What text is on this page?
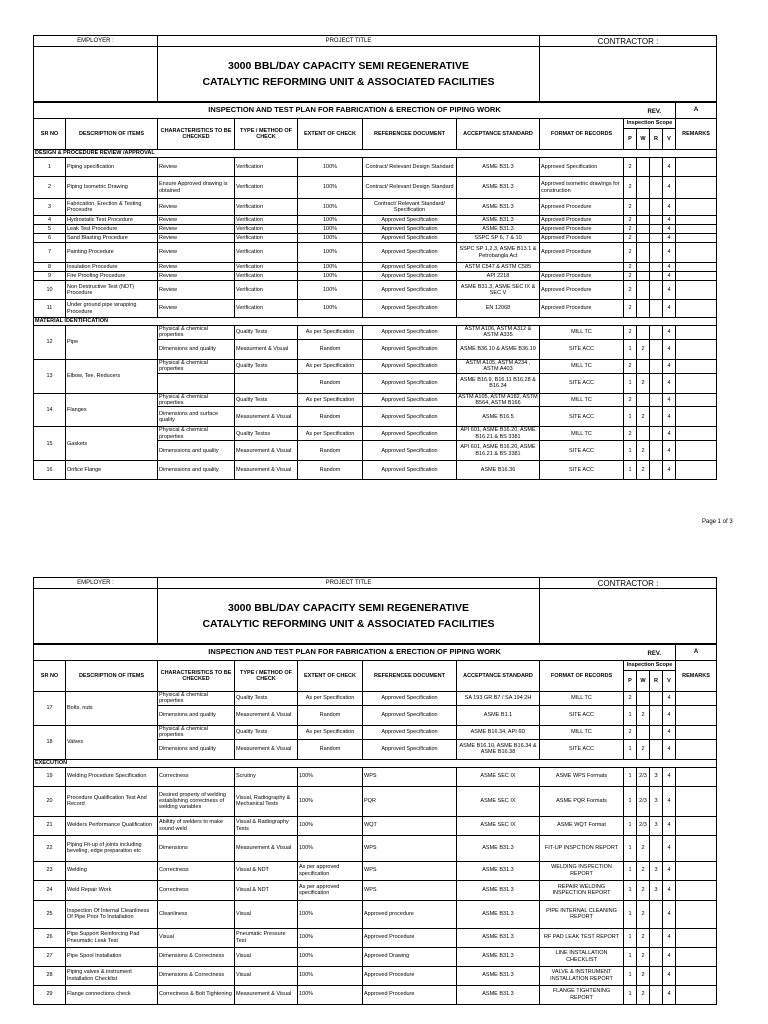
EMPLOYER :	PROJECT TITLE	CONTRACTOR :

	3000 BBL/DAY CAPACITY SEMI REGENERATIVE
CATALYTIC REFORMING UNIT & ASSOCIATED FACILITIES	

INSPECTION AND TEST PLAN FOR FABRICATION & ERECTION OF PIPING WORK REV.												A
SR NO	DESCRIPTION OF ITEMS	CHARACTERISTICS TO BE CHECKED	TYPE / METHOD OF CHECK	EXTENT OF CHECK	REFERENCEE DOCUMENT	ACCEPTANCE STANDARD	FORMAT OF RECORDS	Inspection Scope				REMARKS
								P	W	R	V	
DESIGN & PROCEDURE REVIEW /APPROVAL												
1	Piping specification	Review	Verification	100%	Contract/ Relevant Design Standard	ASME B31.3	Approved Specification	2			4	
2	Piping Isometric Drawing	Ensure Approved drawing is obtained	Verification	100%	Contract/ Relevant Design Standard	ASME B31.3	Approved isometric drawings for construction	2			4	
3	Fabrication, Erection & Testing Proceudre	Review	Verification	100%	Contract/ Relevant Standard/ Specification	ASME B31.3	Approved Procedure	2			4	
4	Hydrostatic Test Procedure	Review	Verification	100%	Approved Specification	ASME B31.3	Approved Procedure	2			4	
5	Leak Test Procedure	Review	Verification	100%	Approved Specification	ASME B31.3	Approved Procedure	2			4	
6	Sand Blasting Procedure	Review	Verification	100%	Approved Specification	SSPC SP 6, 7 & 10	Approved Procedure	2			4	
7	Painting Procedure	Review	Verification	100%	Approved Specification	SSPC SP 1,2,3, ASME B13.1 & Petrobangla Act	Approved Procedure	2			4	
8	Insulation Procedure	Review	Verification	100%	Approved Specification	ASTM C547 & ASTM C585		2			4	
9	Fire Proofing Procedure	Review	Verification	100%	Approved Specification	API 2218	Approved Procedure	2			4	
10	Non Destructive Test (NDT) Procedure	Review	Verification	100%	Approved Specification	ASME B31.3, ASME SEC IX & SEC V	Approved Procedure	2			4	
11	Under ground pipe wrapping Procedure	Review	Verification	100%	Approved Specification	EN 12068	Approved Procedure	2			4	
MATERIAL IDENTIFICATION												
12	Pipe	Physical & chemical properties	Quality Tests	As per Specification	Approved Specification	ASTM A106, ASTM A312 & ASTM A335	MILL TC	2			4	
		Dimensions and quality	Measurment & Visual	Random	Approved Specification	ASME B36.10 & ASME B36.19	SITE ACC	1	2		4	
13	Elbow, Tee, Reducers	Physical & chemical properties	Quality Tests	As per Specification	Approved Specification	ASTM A105, ASTM A234 , ASTM A403	MILL TC	2			4	
				Random	Approved Specification	ASME B16.9, B16.11 B16.28 & B16.34	SITE ACC	1	2		4	
14	Flanges	Physical & chemical properties	Quality Tests	As per Specification	Approved Specification	ASTM A105, ASTM A182, ASTM B564, ASTM B166	MILL TC	2			4	
		Dimensions and surface quality	Measurement & Visual	Random	Approved Specification	ASME B16.5	SITE ACC	1	2		4	
15	Gaskets	Physical & chemical properties	Quality Testss	As per Specification	Approved Specification	API 601, ASME B16.20, ASME B16.21 & BS 3381	MILL TC	2			4	
		Dimenssions and quality	Measurement & Visual	Random	Approved Specification	API 601, ASME B16.20, ASME B16.21 & BS 3381	SITE ACC	1	2		4	
16	Orifice Flange	Dimenssions and quality	Measurement & Visual	Random	Approved Specification	ASME B16.36	SITE ACC	1	2		4	
Page 1 of 3
EMPLOYER :	PROJECT TITLE	CONTRACTOR :

	3000 BBL/DAY CAPACITY SEMI REGENERATIVE
CATALYTIC REFORMING UNIT & ASSOCIATED FACILITIES	

INSPECTION AND TEST PLAN FOR FABRICATION & ERECTION OF PIPING WORK REV.												A
SR NO	DESCRIPTION OF ITEMS	CHARACTERISTICS TO BE CHECKED	TYPE / METHOD OF CHECK	EXTENT OF CHECK	REFERENCEE DOCUMENT	ACCEPTANCE STANDARD	FORMAT OF RECORDS	Inspection Scope				REMARKS
								P	W	R	V	
17	Bolts, nuts	Physical & chemical properties	Quality Tests	As per Specification	Approved Specification	SA 193 GR B7 / SA 194 2H	MILL TC	2			4	
		Dimensions and quality	Measurement & Visual	Random	Approved Specification	ASME B1.1	SITE ACC	1	2		4	
18	Valves	Physical & chemical properties	Quality Tests	As per Specification	Approved Specification	ASME B16.34, API 6D	MILL TC	2			4	
		Dimensions and quality	Measurement & Visual	Random	Approved Specification	ASME B16.10, ASME B16.34 & ASME B16.38	SITE ACC	1	2		4	
EXECUTION												
19	Welding Procedure Specification	Correctness	Scrutiny	100%	WPS	ASME SEC IX	ASME WPS Formats	1	2/3	3	4	
20	Procedure Qualification Test And Record	Desired property of welding establishing correctness of welding variables	Visual, Radiography & Mechanical Tests	100%	PQR	ASME SEC IX	ASME PQR Formats	1	2/3	3	4	
21	Welders Performance Qualification	Abiltity of welders to make sound weld	Visual & Radiography Tests	100%	WQT	ASME SEC IX	ASME WQT Format	1	2/3	3	4	
22	Piping Fit-up of joints including beveling, edge preparation etc	Dimensions	Measurement & Visual	100%	WPS	ASME B31.3	FIT-UP INSPCTION REPORT	1	2		4	
23	Welding	Correctness	Visual & NDT	As per approved specification	WPS	ASME B31.3	WELDING INSPECTION REPORT	1	2	3	4	
24	Weld Repair Work	Correctness	Visual & NDT	As per approved specification	WPS	ASME B31.3	REPAIR WELDING INSPECTION REPORT	1	2	3	4	
25	Inspection Of Internal Cleanliness Of Pipe Prior To Installation	Cleanliness	Visual	100%	Approved procedure	ASME B31.3	PIPE INTERNAL CLEANING REPORT	1	2		4	
26	Pipe Support Reinforcing Pad Pneumatic Leak Test	Visual	Pneumatic Pressure Test	100%	Approved Procedure	ASME B31.3	RF PAD LEAK TEST REPORT	1	2		4	
27	Pipe Spool Installation	Dimensions & Correctness	Visual	100%	Approved Drawing	ASME B31.3	LINE INSTALLATION CHECKLIST	1	2		4	
28	Piping valves & instrument Installation Checklist	Dimensions & Correctness	Visual	100%	Approved Procedure	ASME B31.3	VALVE & INSTRUMENT INSTALLATION REPORT	1	2		4	
29	Flange connections check	Correctness & Bolt Tightening	Measurement & Visual	100%	Approved Procedure	ASME B31.3	FLANGE TIGHTENING REPORT	1	2		4	
